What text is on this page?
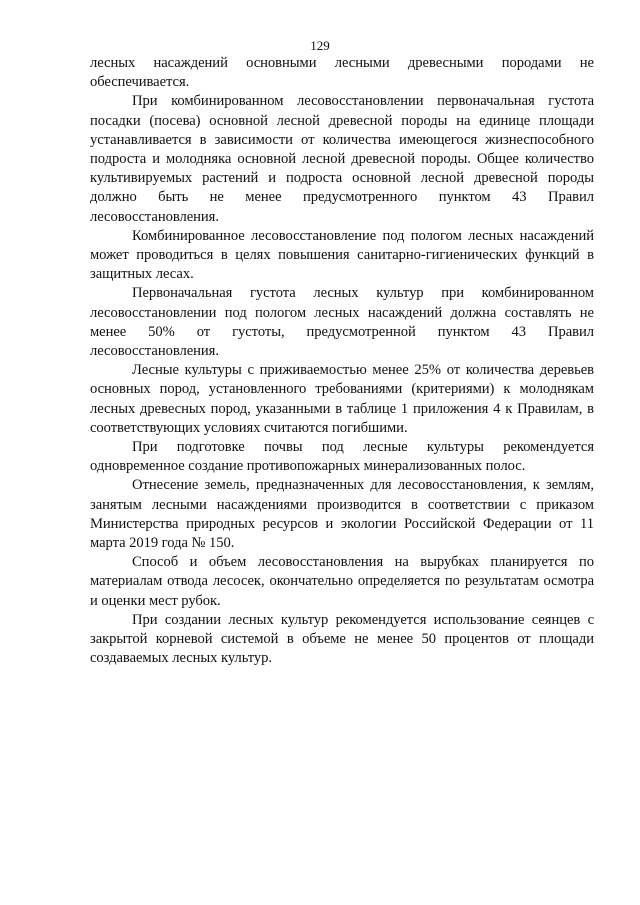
129

лесных насаждений основными лесными древесными породами не обеспечивается.

При комбинированном лесовосстановлении первоначальная густота посадки (посева) основной лесной древесной породы на единице площади устанавливается в зависимости от количества имеющегося жизнеспособного подроста и молодняка основной лесной древесной породы. Общее количество культивируемых растений и подроста основной лесной древесной породы должно быть не менее предусмотренного пунктом 43 Правил лесовосстановления.

Комбинированное лесовосстановление под пологом лесных насаждений может проводиться в целях повышения санитарно-гигиенических функций в защитных лесах.

Первоначальная густота лесных культур при комбинированном лесовосстановлении под пологом лесных насаждений должна составлять не менее 50% от густоты, предусмотренной пунктом 43 Правил лесовосстановления.

Лесные культуры с приживаемостью менее 25% от количества деревьев основных пород, установленного требованиями (критериями) к молоднякам лесных древесных пород, указанными в таблице 1 приложения 4 к Правилам, в соответствующих условиях считаются погибшими.

При подготовке почвы под лесные культуры рекомендуется одновременное создание противопожарных минерализованных полос.

Отнесение земель, предназначенных для лесовосстановления, к землям, занятым лесными насаждениями производится в соответствии с приказом Министерства природных ресурсов и экологии Российской Федерации от 11 марта 2019 года № 150.

Способ и объем лесовосстановления на вырубках планируется по материалам отвода лесосек, окончательно определяется по результатам осмотра и оценки мест рубок.

При создании лесных культур рекомендуется использование сеянцев с закрытой корневой системой в объеме не менее 50 процентов от площади создаваемых лесных культур.
